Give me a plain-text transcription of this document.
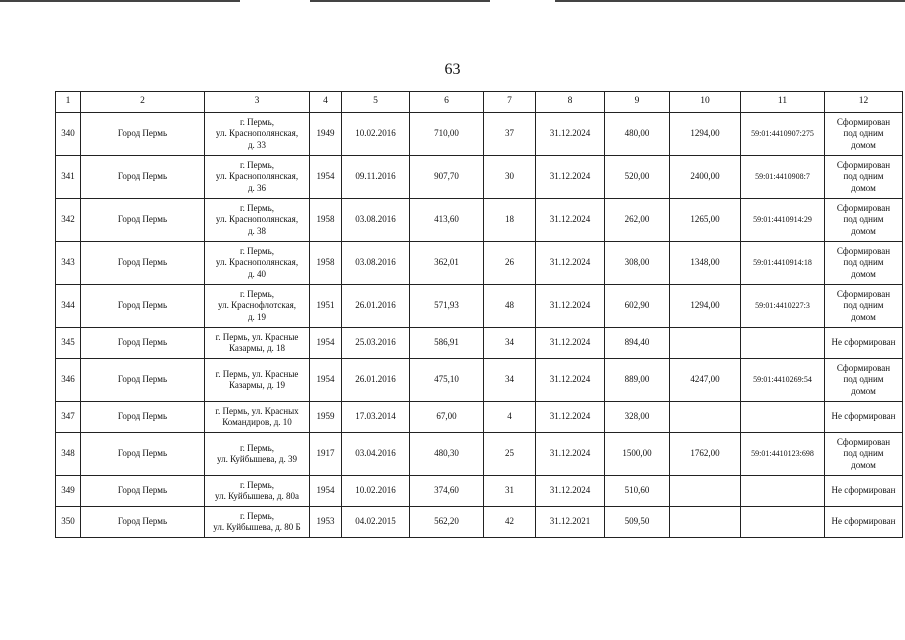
63
1	2	3	4	5	6	7	8	9	10	11	12
340	Город Пермь	г. Пермь,
ул. Краснополянская,
д. 33	1949	10.02.2016	710,00	37	31.12.2024	480,00	1294,00	59:01:4410907:275	Сформирован
под одним
домом
341	Город Пермь	г. Пермь,
ул. Краснополянская,
д. 36	1954	09.11.2016	907,70	30	31.12.2024	520,00	2400,00	59:01:4410908:7	Сформирован
под одним
домом
342	Город Пермь	г. Пермь,
ул. Краснополянская,
д. 38	1958	03.08.2016	413,60	18	31.12.2024	262,00	1265,00	59:01:4410914:29	Сформирован
под одним
домом
343	Город Пермь	г. Пермь,
ул. Краснополянская,
д. 40	1958	03.08.2016	362,01	26	31.12.2024	308,00	1348,00	59:01:4410914:18	Сформирован
под одним
домом
344	Город Пермь	г. Пермь,
ул. Краснофлотская,
д. 19	1951	26.01.2016	571,93	48	31.12.2024	602,90	1294,00	59:01:4410227:3	Сформирован
под одним
домом
345	Город Пермь	г. Пермь, ул. Красные
Казармы, д. 18	1954	25.03.2016	586,91	34	31.12.2024	894,40			Не сформирован
346	Город Пермь	г. Пермь, ул. Красные
Казармы, д. 19	1954	26.01.2016	475,10	34	31.12.2024	889,00	4247,00	59:01:4410269:54	Сформирован
под одним
домом
347	Город Пермь	г. Пермь, ул. Красных
Командиров, д. 10	1959	17.03.2014	67,00	4	31.12.2024	328,00			Не сформирован
348	Город Пермь	г. Пермь,
ул. Куйбышева, д. 39	1917	03.04.2016	480,30	25	31.12.2024	1500,00	1762,00	59:01:4410123:698	Сформирован
под одним
домом
349	Город Пермь	г. Пермь,
ул. Куйбышева, д. 80а	1954	10.02.2016	374,60	31	31.12.2024	510,60			Не сформирован
350	Город Пермь	г. Пермь,
ул. Куйбышева, д. 80 Б	1953	04.02.2015	562,20	42	31.12.2021	509,50			Не сформирован
